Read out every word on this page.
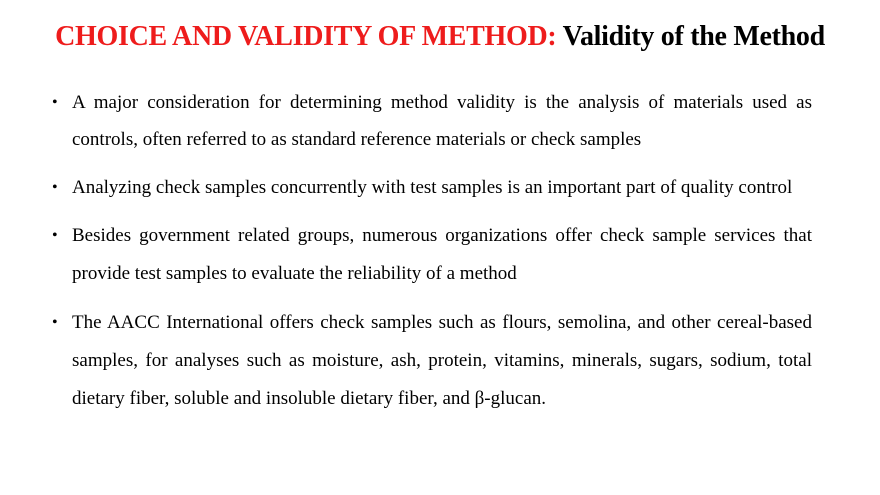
CHOICE AND VALIDITY OF METHOD: Validity of the Method
• A major consideration for determining method validity is the analysis of materials used as controls, often referred to as standard reference materials or check samples
• Analyzing check samples concurrently with test samples is an important part of quality control
• Besides government related groups, numerous organizations offer check sample services that provide test samples to evaluate the reliability of a method
• The AACC International offers check samples such as flours, semolina, and other cereal-based samples, for analyses such as moisture, ash, protein, vitamins, minerals, sugars, sodium, total dietary fiber, soluble and insoluble dietary fiber, and β-glucan.
